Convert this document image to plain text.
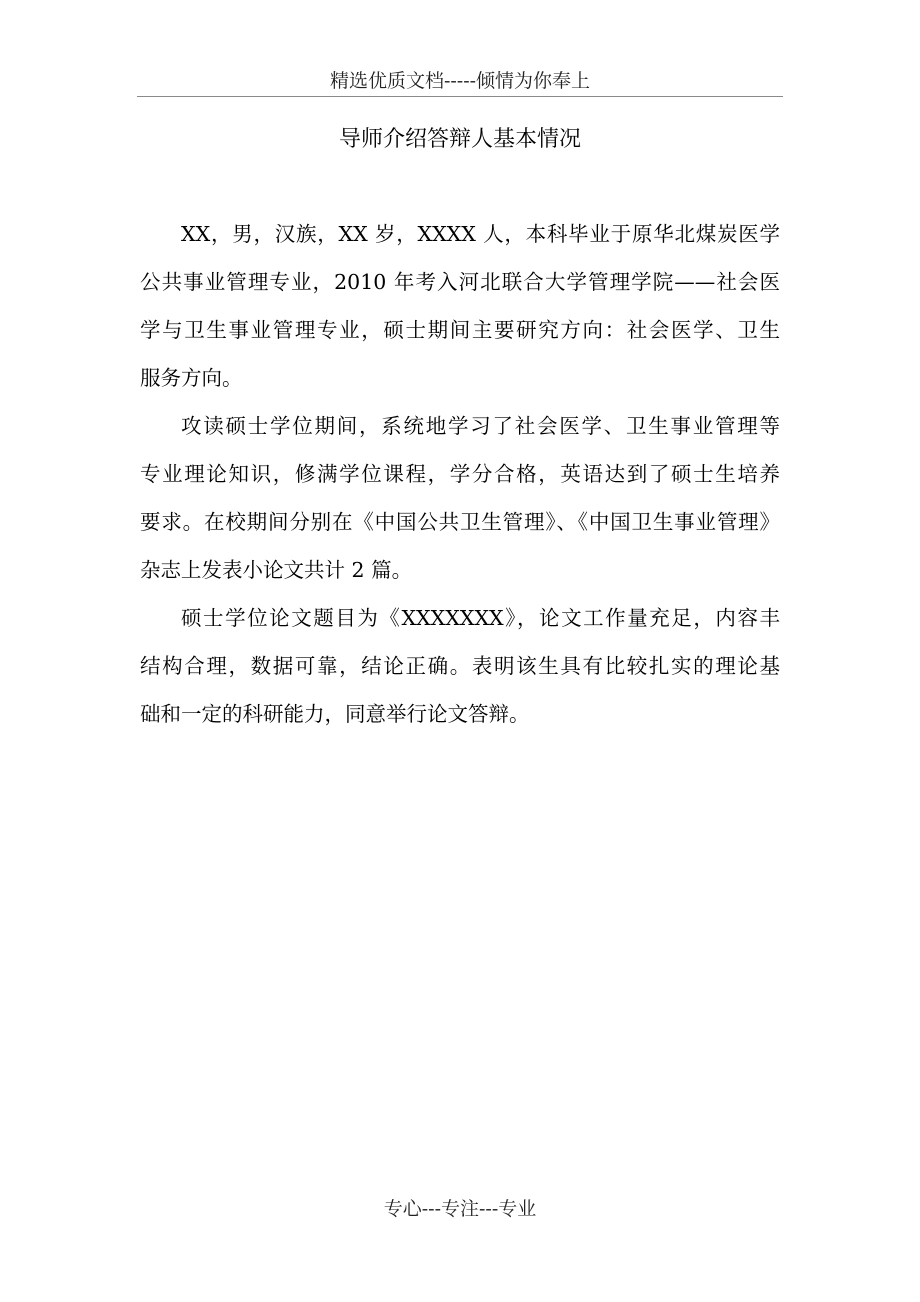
精选优质文档-----倾情为你奉上
导师介绍答辩人基本情况
XX，男，汉族，XX 岁，XXXX 人，本科毕业于原华北煤炭医学
公共事业管理专业，2010 年考入河北联合大学管理学院——社会医
学与卫生事业管理专业，硕士期间主要研究方向：社会医学、卫生
服务方向。
攻读硕士学位期间，系统地学习了社会医学、卫生事业管理等
专业理论知识，修满学位课程，学分合格，英语达到了硕士生培养
要求。在校期间分别在《中国公共卫生管理》、《中国卫生事业管理》
杂志上发表小论文共计 2 篇。
硕士学位论文题目为《XXXXXXX》，论文工作量充足，内容丰
结构合理，数据可靠，结论正确。表明该生具有比较扎实的理论基
础和一定的科研能力，同意举行论文答辩。
专心---专注---专业
